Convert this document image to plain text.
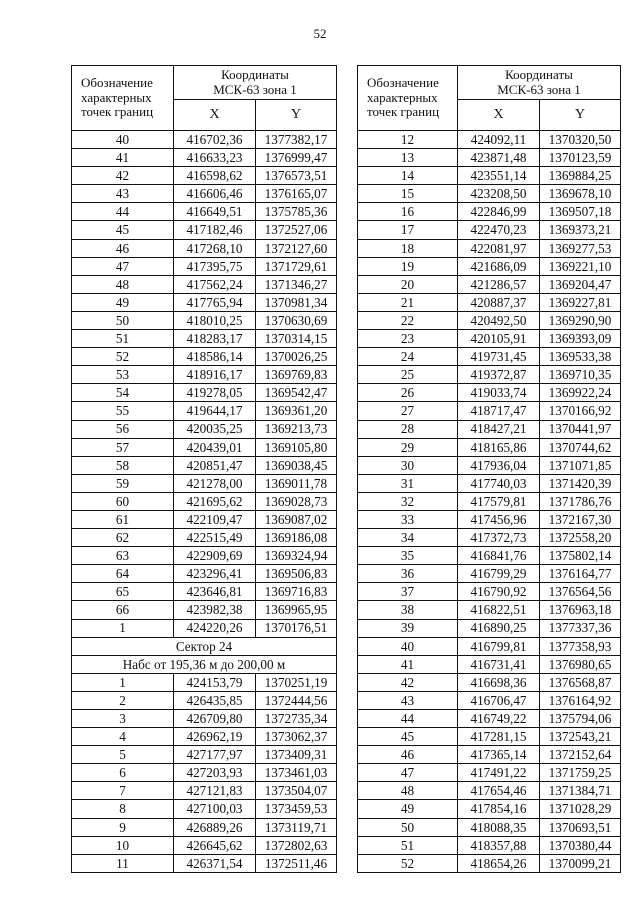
52
Обозначение
характерных
точек границ	Координаты
МСК-63 зона 1	
	X	Y
40	416702,36	1377382,17
41	416633,23	1376999,47
42	416598,62	1376573,51
43	416606,46	1376165,07
44	416649,51	1375785,36
45	417182,46	1372527,06
46	417268,10	1372127,60
47	417395,75	1371729,61
48	417562,24	1371346,27
49	417765,94	1370981,34
50	418010,25	1370630,69
51	418283,17	1370314,15
52	418586,14	1370026,25
53	418916,17	1369769,83
54	419278,05	1369542,47
55	419644,17	1369361,20
56	420035,25	1369213,73
57	420439,01	1369105,80
58	420851,47	1369038,45
59	421278,00	1369011,78
60	421695,62	1369028,73
61	422109,47	1369087,02
62	422515,49	1369186,08
63	422909,69	1369324,94
64	423296,41	1369506,83
65	423646,81	1369716,83
66	423982,38	1369965,95
1	424220,26	1370176,51
Сектор 24		
Набс от 195,36 м до 200,00 м		
1	424153,79	1370251,19
2	426435,85	1372444,56
3	426709,80	1372735,34
4	426962,19	1373062,37
5	427177,97	1373409,31
6	427203,93	1373461,03
7	427121,83	1373504,07
8	427100,03	1373459,53
9	426889,26	1373119,71
10	426645,62	1372802,63
11	426371,54	1372511,46
Обозначение
характерных
точек границ	Координаты
МСК-63 зона 1	
	X	Y
12	424092,11	1370320,50
13	423871,48	1370123,59
14	423551,14	1369884,25
15	423208,50	1369678,10
16	422846,99	1369507,18
17	422470,23	1369373,21
18	422081,97	1369277,53
19	421686,09	1369221,10
20	421286,57	1369204,47
21	420887,37	1369227,81
22	420492,50	1369290,90
23	420105,91	1369393,09
24	419731,45	1369533,38
25	419372,87	1369710,35
26	419033,74	1369922,24
27	418717,47	1370166,92
28	418427,21	1370441,97
29	418165,86	1370744,62
30	417936,04	1371071,85
31	417740,03	1371420,39
32	417579,81	1371786,76
33	417456,96	1372167,30
34	417372,73	1372558,20
35	416841,76	1375802,14
36	416799,29	1376164,77
37	416790,92	1376564,56
38	416822,51	1376963,18
39	416890,25	1377337,36
40	416799,81	1377358,93
41	416731,41	1376980,65
42	416698,36	1376568,87
43	416706,47	1376164,92
44	416749,22	1375794,06
45	417281,15	1372543,21
46	417365,14	1372152,64
47	417491,22	1371759,25
48	417654,46	1371384,71
49	417854,16	1371028,29
50	418088,35	1370693,51
51	418357,88	1370380,44
52	418654,26	1370099,21
